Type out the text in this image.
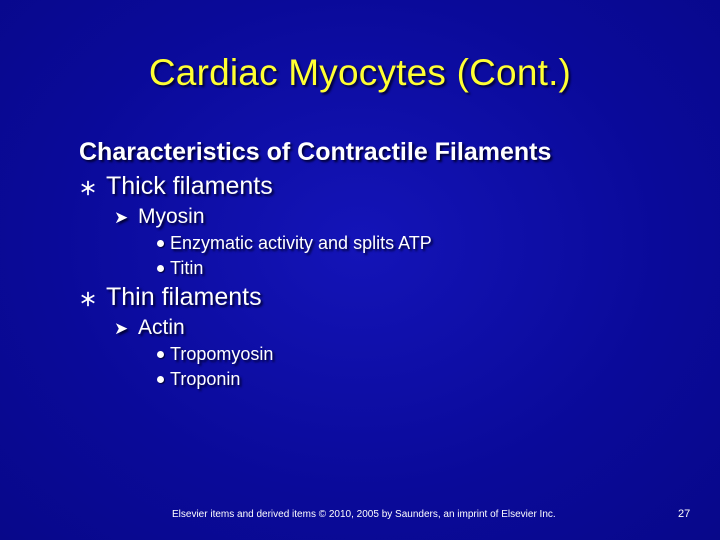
Cardiac Myocytes (Cont.)
Characteristics of Contractile Filaments
Thick filaments
➤ Myosin
Enzymatic activity and splits ATP
Titin
Thin filaments
➤ Actin
Tropomyosin
Troponin
Elsevier items and derived items © 2010, 2005 by Saunders, an imprint of Elsevier Inc.	27
